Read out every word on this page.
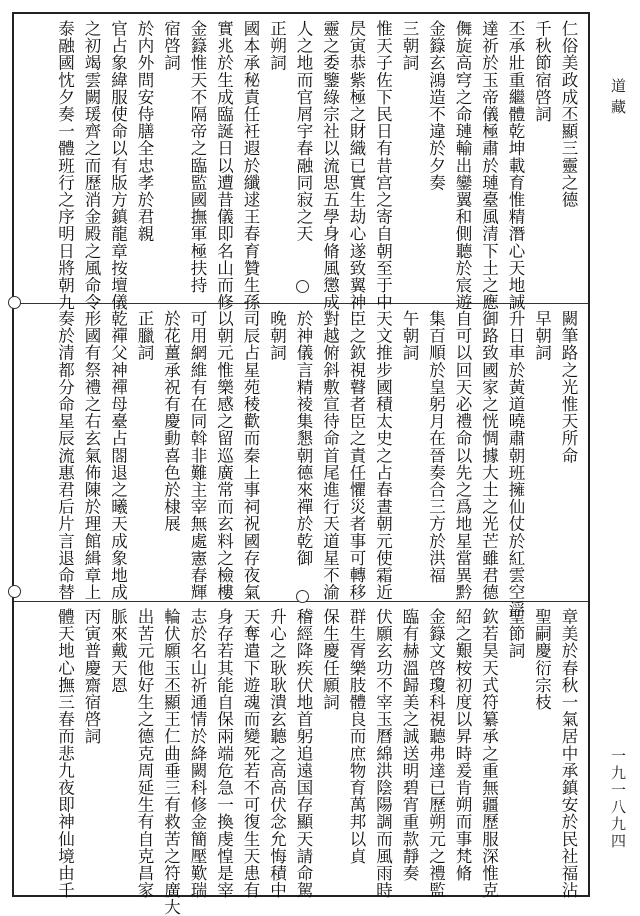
仁俗美政成丕顯三靈之德
千秋節宿啓詞
丕承壯重繼體乾坤載育惟精潛心天地誠
達祈於玉帝儀極肅於璉臺風清下土之應
儛旋高穹之命璉輸出鑾翼和側聽於宸遊
金籙玄鴻造不違於夕奏
三朝詞
惟天子佐下民日有昔宫之寄自朝至于中
昃寅恭紫極之財織已實生劫心遂致翼神
靈之委鑒綠宗社以流思五學身脩風懲成
人之地而官屑宇春融同寂之天
正朔詞
國本承秘責任衽遐於纖逑王春育贊生孫
實兆於生成臨誕日以遭昔儀即名山而修
金籙惟天不隔帝之臨監國撫軍極扶持
宿啓詞
於内外問安侍膳全忠孝於君親
官占象緯服使命以有版方鎮龍章按壇儀
之初竭雲闕瑗齊之而歷消金殿之風命令
泰融國忱夕奏一體班行之序明日將朝九
闕筆路之光惟天所命
早朝詞
升日車於黃道曉肅朝班擁仙仗於紅雲空浮
御路致國家之恍惆據大土之光芒雖君德
自可以回天必禮命以先之爲地星當異黔
集百順於皇躬月在晉奏合三方於洪福
午朝詞
天文推步國積太史之占春晝朝元使霜近
臣之欽視瞽者臣之責任懼災者事可轉移
對越俯斜敷宣待命首尾進行天道星不渝
於神儀言精祾集懇朝德來禪於乾御
晚朝詞
司辰占星苑稜歡而秦上事祠祝國存夜氣
以朝元惟樂感之留巡廣常而玄料之檢樓
可用網維有在同斡非難主宰無處憲春輝
於花薑承祝有慶動喜色於棣展
正臘詞
乾禪父神禪母臺占閤退之曦天成象地成
形國有祭禮之右玄氣佈陳於理館緝章上
奏於清都分命星辰流惠君后片言退命替
章美於春秋一氣居中承鎮安於民社福沾
聖嗣慶衍宗枝
聖節詞
欽若昊天式符纂承之重無疆歷服深惟克
紹之艱桉初度以昇時爰肯朔而事梵脩
金籙文啓瓊科視聽弗達已歷朔元之禮監
臨有赫溫歸美之誠送明碧宵重款靜奏
伏願玄功不宰玉曆綿洪陰陽調而風雨時
群生胥樂肢體良而庶物育萬邦以貞
保生慶任願詞
稽經降疾伏地首躬追遠国存顯天請命駕
升心之耿耿潰玄聽之高高伏念允悔積中
天奪遣下遊魂而變死若不可復生天患有
身存若其能自保兩端危急一換虔惶是宰
志於名山祈通情於絳闕科修金簡壓歎瑞
輪伏願玉丕顯王仁曲垂三有救苦之符廣大
出苦元他好生之德克周延生有自克昌家
脈來戴天恩
丙寅普慶齋宿啓詞
體天地心撫三春而悲九夜即神仙境由千
道藏
一九一八九四
